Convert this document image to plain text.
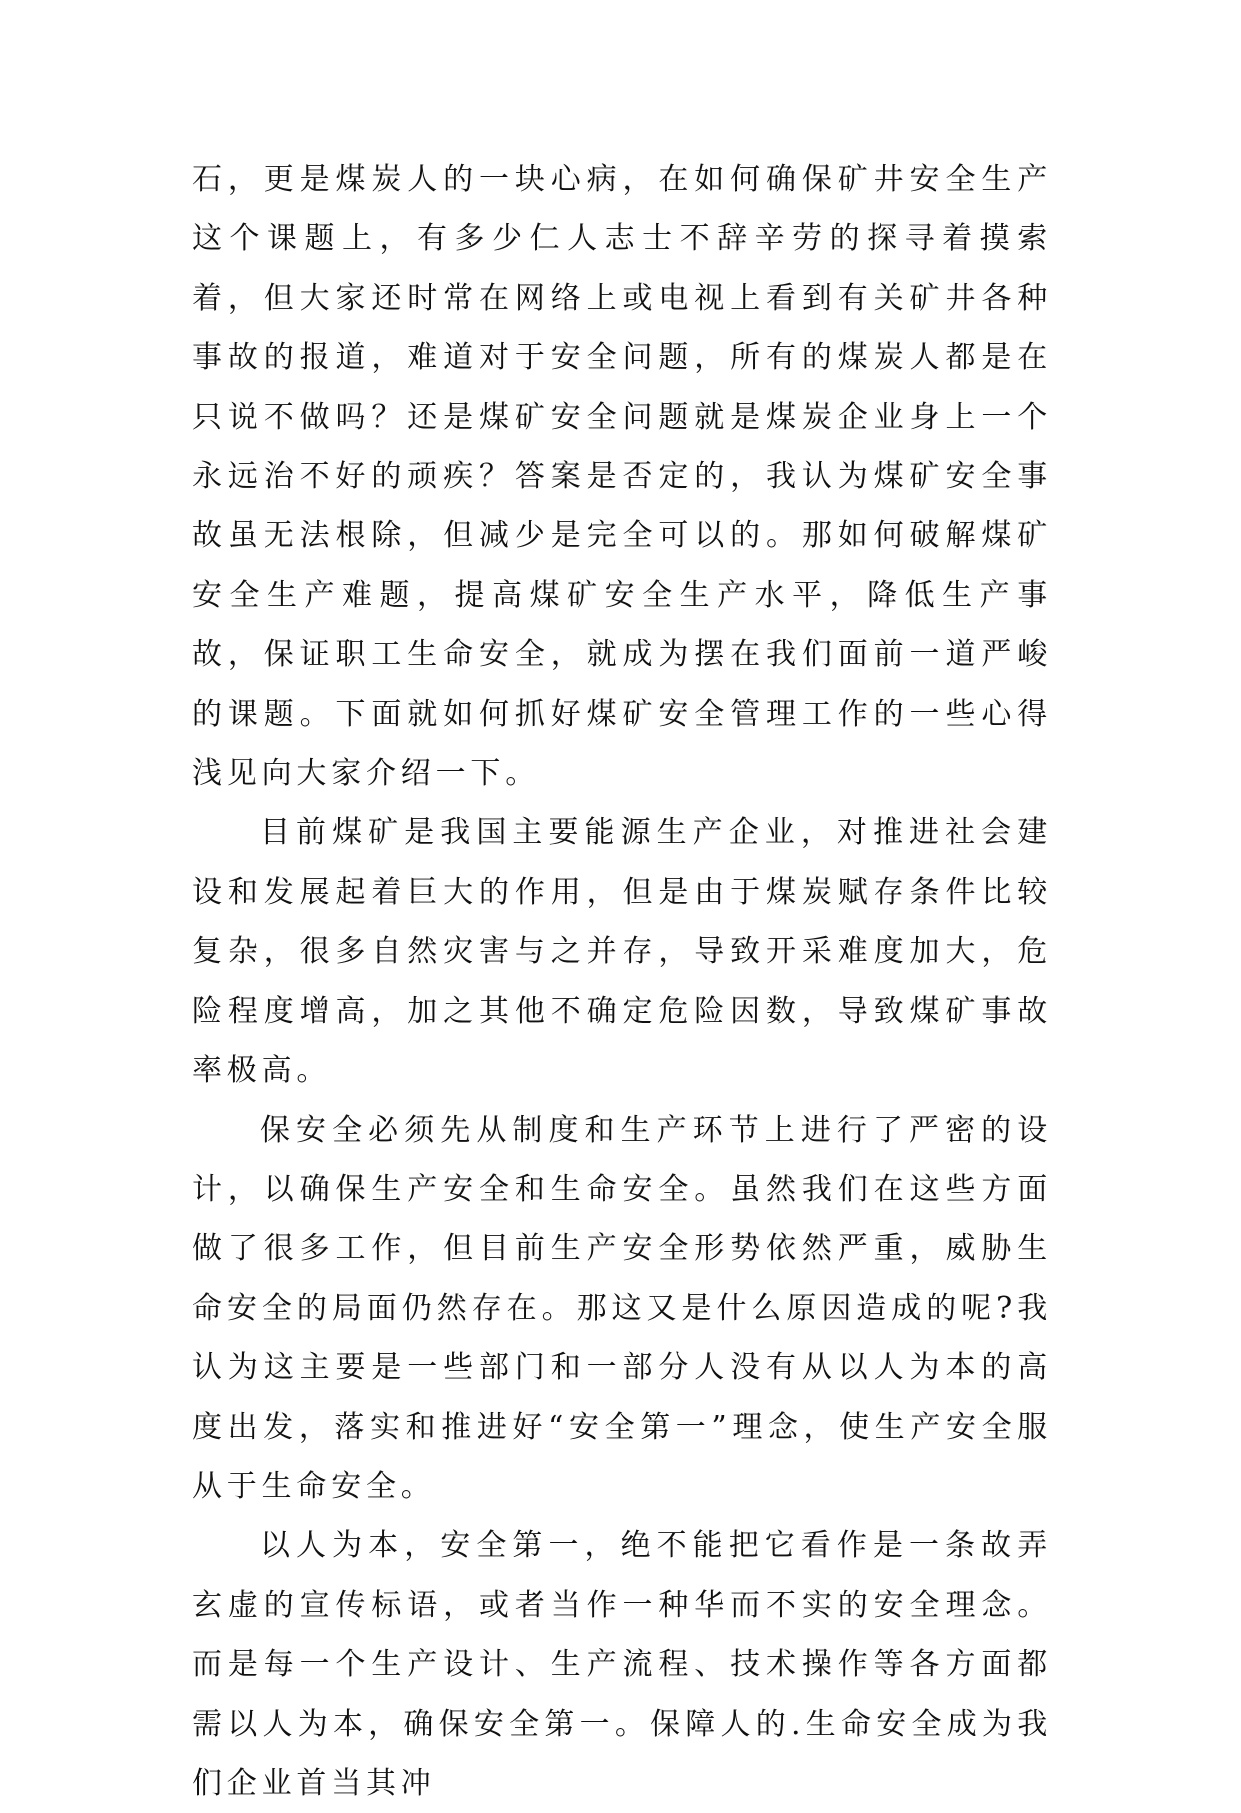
石，更是煤炭人的一块心病，在如何确保矿井安全生产这个课题上，有多少仁人志士不辞辛劳的探寻着摸索着，但大家还时常在网络上或电视上看到有关矿井各种事故的报道，难道对于安全问题，所有的煤炭人都是在只说不做吗？还是煤矿安全问题就是煤炭企业身上一个永远治不好的顽疾？答案是否定的，我认为煤矿安全事故虽无法根除，但减少是完全可以的。那如何破解煤矿安全生产难题，提高煤矿安全生产水平，降低生产事故，保证职工生命安全，就成为摆在我们面前一道严峻的课题。下面就如何抓好煤矿安全管理工作的一些心得浅见向大家介绍一下。

目前煤矿是我国主要能源生产企业，对推进社会建设和发展起着巨大的作用，但是由于煤炭赋存条件比较复杂，很多自然灾害与之并存，导致开采难度加大，危险程度增高，加之其他不确定危险因数，导致煤矿事故率极高。

保安全必须先从制度和生产环节上进行了严密的设计，以确保生产安全和生命安全。虽然我们在这些方面做了很多工作，但目前生产安全形势依然严重，威胁生命安全的局面仍然存在。那这又是什么原因造成的呢?我认为这主要是一些部门和一部分人没有从以人为本的高度出发，落实和推进好“安全第一”理念，使生产安全服从于生命安全。

以人为本，安全第一，绝不能把它看作是一条故弄玄虚的宣传标语，或者当作一种华而不实的安全理念。而是每一个生产设计、生产流程、技术操作等各方面都需以人为本，确保安全第一。保障人的.生命安全成为我们企业首当其冲
